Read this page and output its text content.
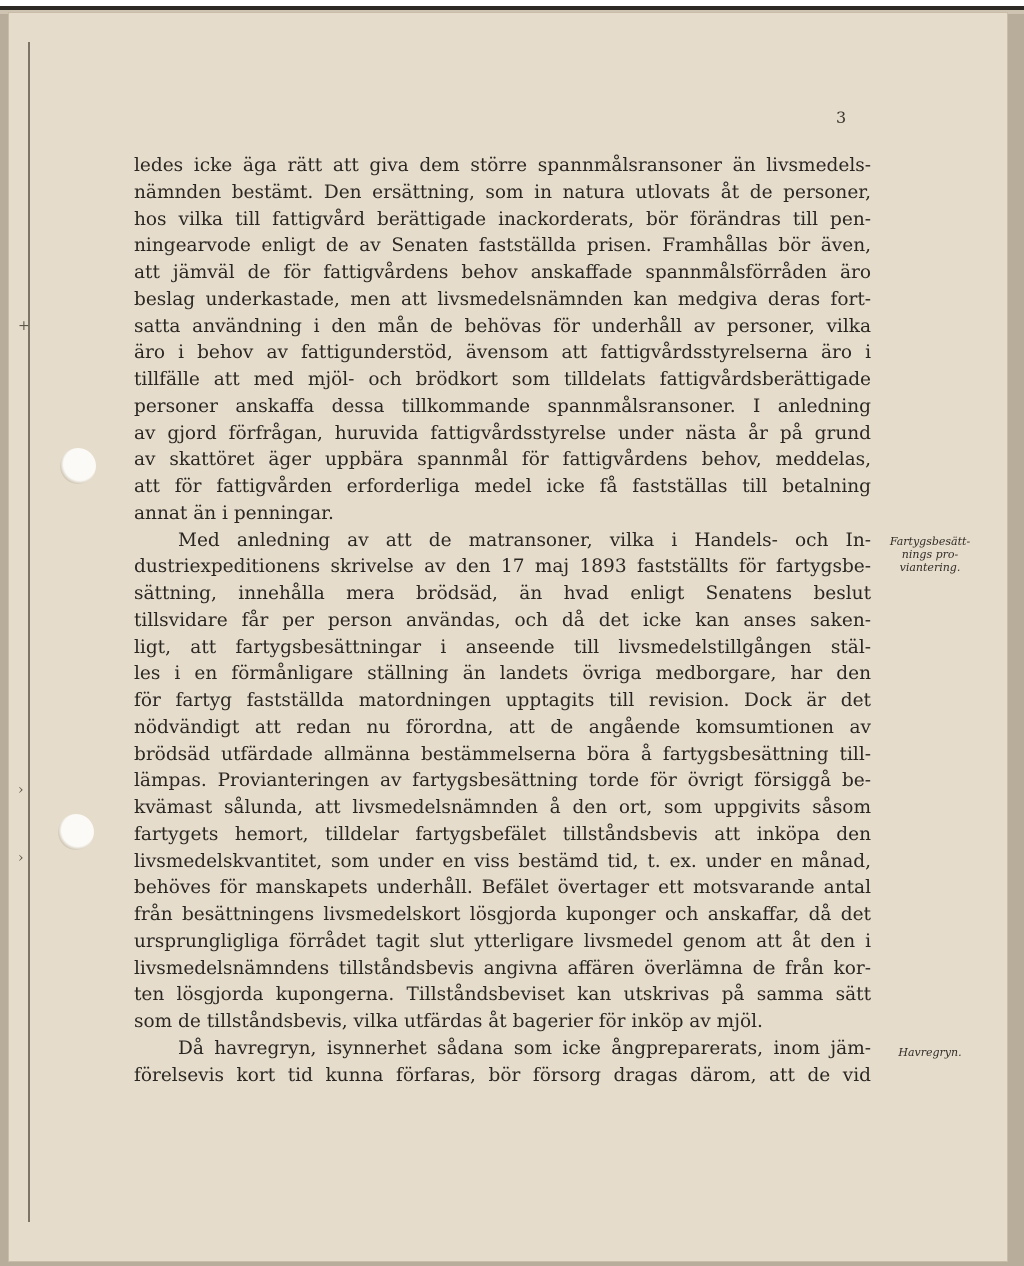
+
›
›
3
ledes icke äga rätt att giva dem större spannmålsransoner än livsmedels-
nämnden bestämt. Den ersättning, som in natura utlovats åt de personer,
hos vilka till fattigvård berättigade inackorderats, bör förändras till pen-
ningearvode enligt de av Senaten fastställda prisen. Framhållas bör även,
att jämväl de för fattigvårdens behov anskaffade spannmålsförråden äro
beslag underkastade, men att livsmedelsnämnden kan medgiva deras fort-
satta användning i den mån de behövas för underhåll av personer, vilka
äro i behov av fattigunderstöd, ävensom att fattigvårdsstyrelserna äro i
tillfälle att med mjöl- och brödkort som tilldelats fattigvårdsberättigade
personer anskaffa dessa tillkommande spannmålsransoner. I anledning
av gjord förfrågan, huruvida fattigvårdsstyrelse under nästa år på grund
av skattöret äger uppbära spannmål för fattigvårdens behov, meddelas,
att för fattigvården erforderliga medel icke få fastställas till betalning
annat än i penningar.
Med anledning av att de matransoner, vilka i Handels- och In-
dustriexpeditionens skrivelse av den 17 maj 1893 fastställts för fartygsbe-
sättning, innehålla mera brödsäd, än hvad enligt Senatens beslut
tillsvidare får per person användas, och då det icke kan anses saken-
ligt, att fartygsbesättningar i anseende till livsmedelstillgången stäl-
les i en förmånligare ställning än landets övriga medborgare, har den
för fartyg fastställda matordningen upptagits till revision. Dock är det
nödvändigt att redan nu förordna, att de angående komsumtionen av
brödsäd utfärdade allmänna bestämmelserna böra å fartygsbesättning till-
lämpas. Provianteringen av fartygsbesättning torde för övrigt försiggå be-
kvämast sålunda, att livsmedelsnämnden å den ort, som uppgivits såsom
fartygets hemort, tilldelar fartygsbefälet tillståndsbevis att inköpa den
livsmedelskvantitet, som under en viss bestämd tid, t. ex. under en månad,
behöves för manskapets underhåll. Befälet övertager ett motsvarande antal
från besättningens livsmedelskort lösgjorda kuponger och anskaffar, då det
ursprungligliga förrådet tagit slut ytterligare livsmedel genom att åt den i
livsmedelsnämndens tillståndsbevis angivna affären överlämna de från kor-
ten lösgjorda kupongerna. Tillståndsbeviset kan utskrivas på samma sätt
som de tillståndsbevis, vilka utfärdas åt bagerier för inköp av mjöl.
Då havregryn, isynnerhet sådana som icke ångpreparerats, inom jäm-
förelsevis kort tid kunna förfaras, bör försorg dragas därom, att de vid
Fartygsbesätt-
nings pro-
viantering.
Havregryn.
